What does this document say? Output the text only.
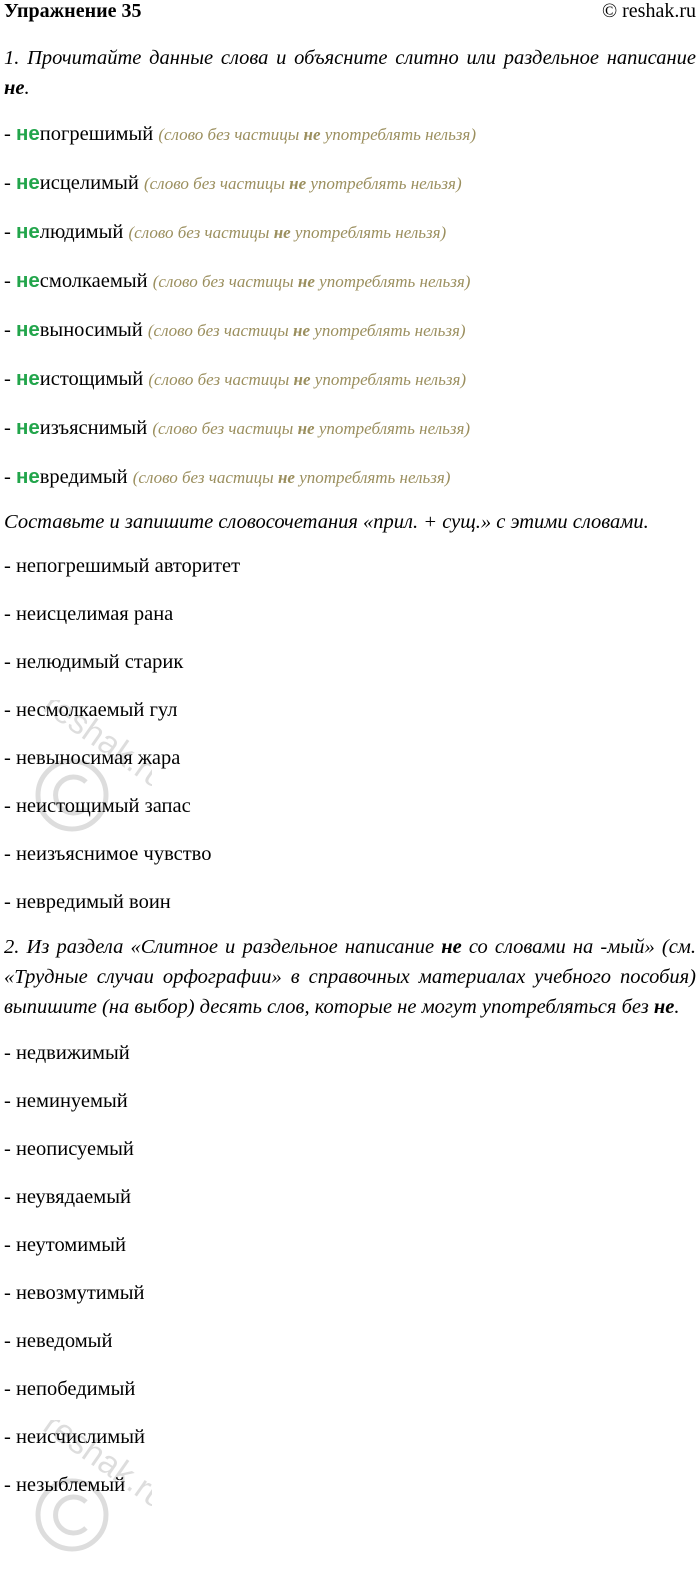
Упражнение 35	© reshak.ru

1. Прочитайте данные слова и объясните слитно или раздельное написание не.

- непогрешимый (слово без частицы не употреблять нельзя)
- неисцелимый (слово без частицы не употреблять нельзя)
- нелюдимый (слово без частицы не употреблять нельзя)
- несмолкаемый (слово без частицы не употреблять нельзя)
- невыносимый (слово без частицы не употреблять нельзя)
- неистощимый (слово без частицы не употреблять нельзя)
- неизъяснимый (слово без частицы не употреблять нельзя)
- невредимый (слово без частицы не употреблять нельзя)

Составьте и запишите словосочетания «прил. + сущ.» с этими словами.

- непогрешимый авторитет
- неисцелимая рана
- нелюдимый старик
- несмолкаемый гул
- невыносимая жара
- неистощимый запас
- неизъяснимое чувство
- невредимый воин

2. Из раздела «Слитное и раздельное написание не со словами на -мый» (см. «Трудные случаи орфографии» в справочных материалах учебного пособия) выпишите (на выбор) десять слов, которые не могут употребляться без не.

- недвижимый
- неминуемый
- неописуемый
- неувядаемый
- неутомимый
- невозмутимый
- неведомый
- непобедимый
- неисчислимый
- незыблемый
reshak.ru
reshak.ru
